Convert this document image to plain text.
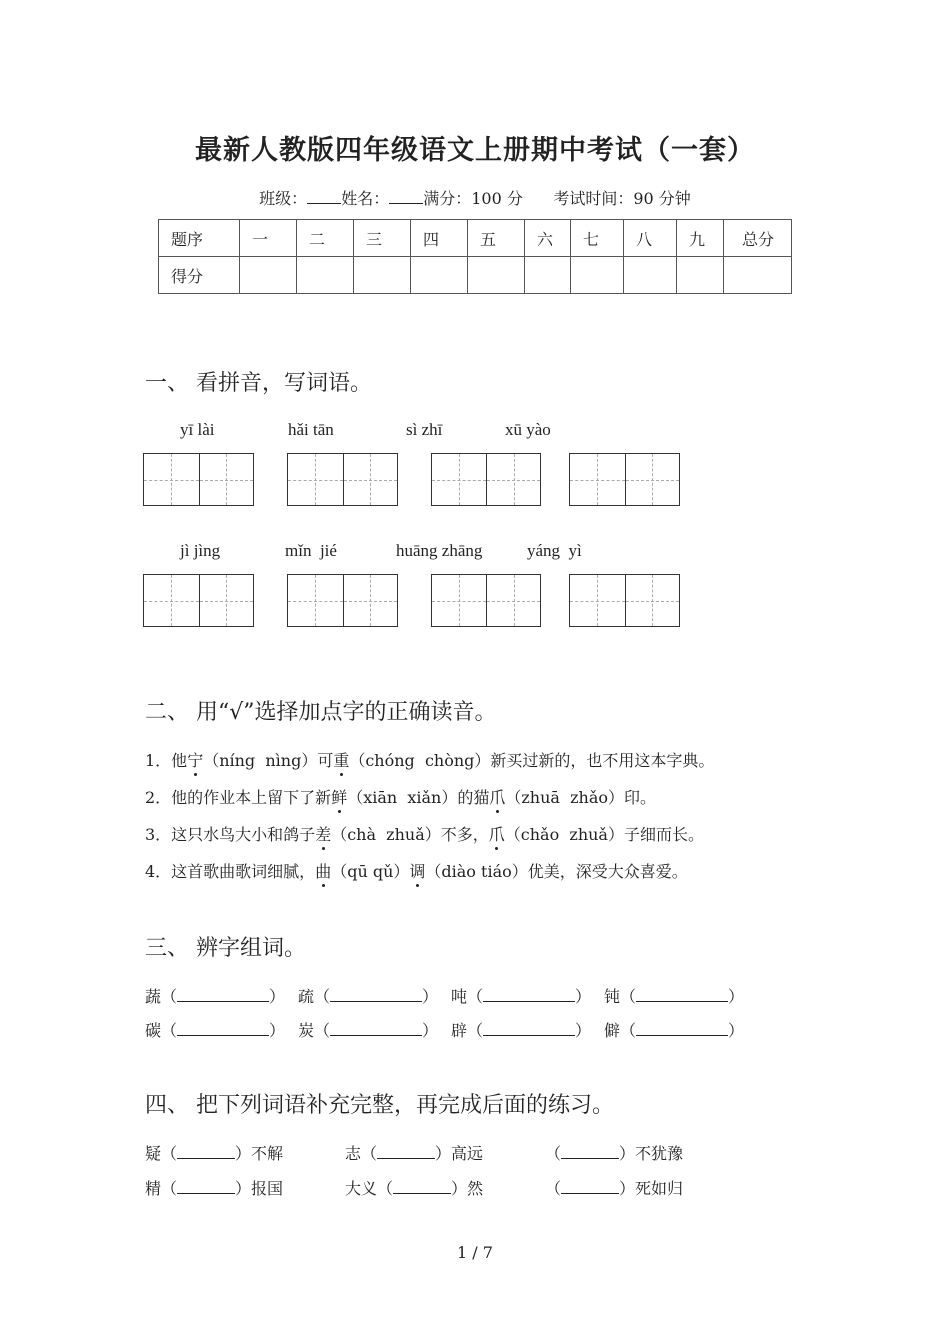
最新人教版四年级语文上册期中考试（一套）
班级： 姓名： 满分：100 分 考试时间：90 分钟
题序	一	二	三	四	五	六	七	八	九	总分
得分										
一、 看拼音，写词语。
yī lài	hǎi tān	sì zhī	xū yào
jì jìng	mǐn  jié	huāng zhāng	yáng  yì
二、 用“√”选择加点字的正确读音。
1．他宁（níng  nìng）可重（chóng  chòng）新买过新的，也不用这本字典。
2．他的作业本上留下了新鲜（xiān  xiǎn）的猫爪（zhuā  zhǎo）印。
3．这只水鸟大小和鸽子差（chà  zhuǎ）不多，爪（chǎo  zhuǎ）子细而长。
4．这首歌曲歌词细腻，曲（qū qǔ）调（diào tiáo）优美，深受大众喜爱。
三、 辨字组词。
蔬（	） 疏（	） 吨（	） 钝（	）
碳（	） 炭（	） 辟（	） 僻（	）
四、 把下列词语补充完整，再完成后面的练习。
疑（	）不解	志（	）高远	（	）不犹豫
精（	）报国	大义（	）然	（	）死如归
1 / 7
